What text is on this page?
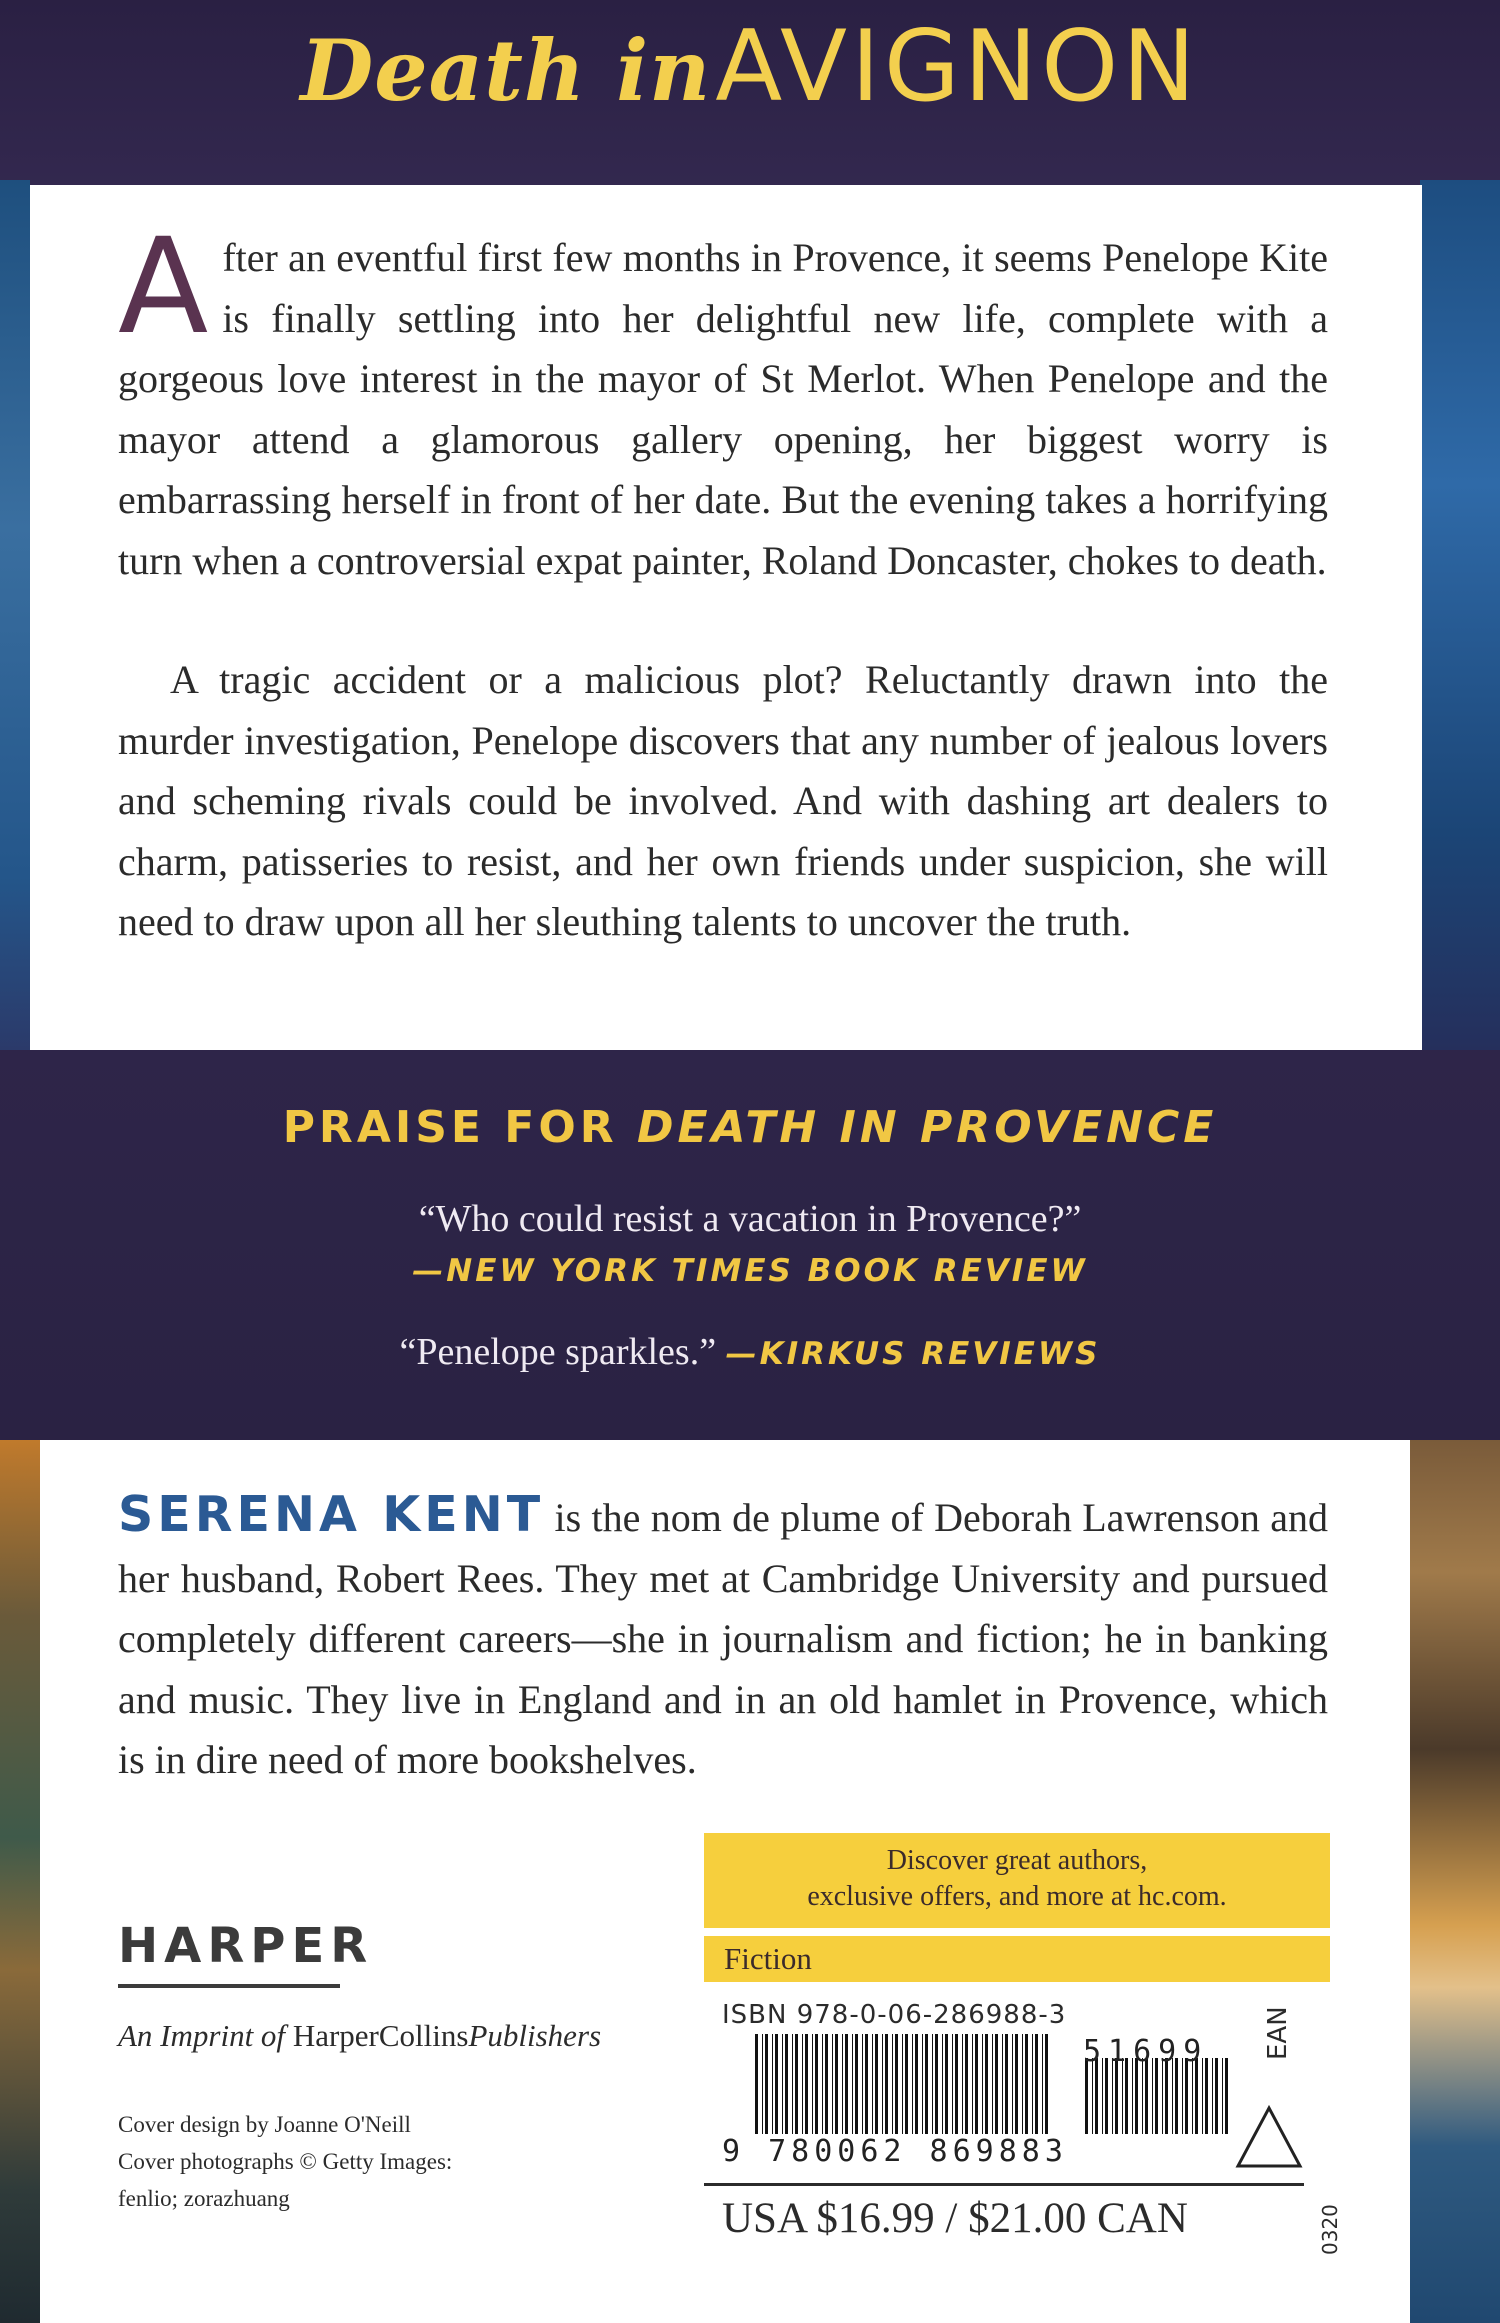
Death in AVIGNON

After an eventful first few months in Provence, it seems Penelope Kite is finally settling into her delightful new life, complete with a gorgeous love interest in the mayor of St Merlot. When Penelope and the mayor attend a glamorous gallery opening, her biggest worry is embarrassing herself in front of her date. But the evening takes a horrifying turn when a controversial expat painter, Roland Doncaster, chokes to death.

A tragic accident or a malicious plot? Reluctantly drawn into the murder investigation, Penelope discovers that any number of jealous lovers and scheming rivals could be involved. And with dashing art dealers to charm, patisseries to resist, and her own friends under suspicion, she will need to draw upon all her sleuthing talents to uncover the truth.

PRAISE FOR DEATH IN PROVENCE
“Who could resist a vacation in Provence?”
—NEW YORK TIMES BOOK REVIEW
“Penelope sparkles.” —KIRKUS REVIEWS

SERENA KENT is the nom de plume of Deborah Lawrenson and her husband, Robert Rees. They met at Cambridge University and pursued completely different careers—she in journalism and fiction; he in banking and music. They live in England and in an old hamlet in Provence, which is in dire need of more bookshelves.

HARPER
An Imprint of HarperCollinsPublishers
Cover design by Joanne O'Neill
Cover photographs © Getty Images:
fenlio; zorazhuang
Discover great authors,
exclusive offers, and more at hc.com.
Fiction
ISBN 978-0-06-286988-3
9 780062 869883
51699 EAN
USA $16.99 / $21.00 CAN	0320
